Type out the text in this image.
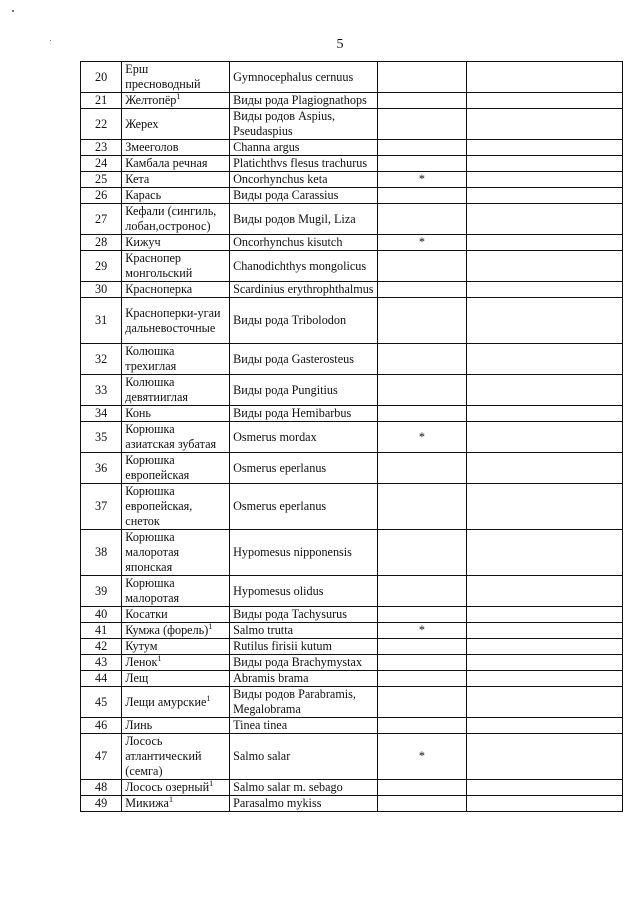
5
20	Ерш пресноводный	Gymnocephalus cernuus		
21	Желтопёр$^1$	Виды рода Plagiognathops		
22	Жерех	Виды родов Aspius, Pseudaspius		
23	Змееголов	Channa argus		
24	Камбала речная	Platichthvs flesus trachurus		
25	Кета	Oncorhynchus keta	*	
26	Карась	Виды рода Carassius		
27	Кефали (сингиль, лобан,остронос)	Виды родов Mugil, Liza		
28	Кижуч	Oncorhynchus kisutch	*	
29	Краснопер монгольский	Chanodichthys mongolicus		
30	Краснoперка	Scardinius erythrophthalmus		
31	Краснoперки-угаи дальневосточные	Виды рода Tribolodon		
32	Колюшка трехиглая	Виды рода Gasterosteus		
33	Колюшка девятииглая	Виды рода Pungitius		
34	Конь	Виды рода Hemibarbus		
35	Корюшка азиатская зубатая	Osmerus mordax	*	
36	Корюшка европейская	Osmerus eperlanus		
37	Корюшка европейская, снеток	Osmerus eperlanus		
38	Корюшка малоротая японская	Hypomesus nipponensis		
39	Корюшка малоротая	Hypomesus olidus		
40	Косатки	Виды рода Tachysurus		
41	Кумжа (форель)$^1$	Salmo trutta	*	
42	Кутум	Rutilus firisii kutum		
43	Ленок$^1$	Виды рода Brachymystax		
44	Лещ	Abramis brama		
45	Лещи амурские$^1$	Виды родов Parabramis, Megalobrama		
46	Линь	Tinea tinea		
47	Лосось атлантический (семга)	Salmo salar	*	
48	Лосось озерный$^1$	Salmo salar m. sebago		
49	Микижа$^1$	Parasalmo mykiss		
